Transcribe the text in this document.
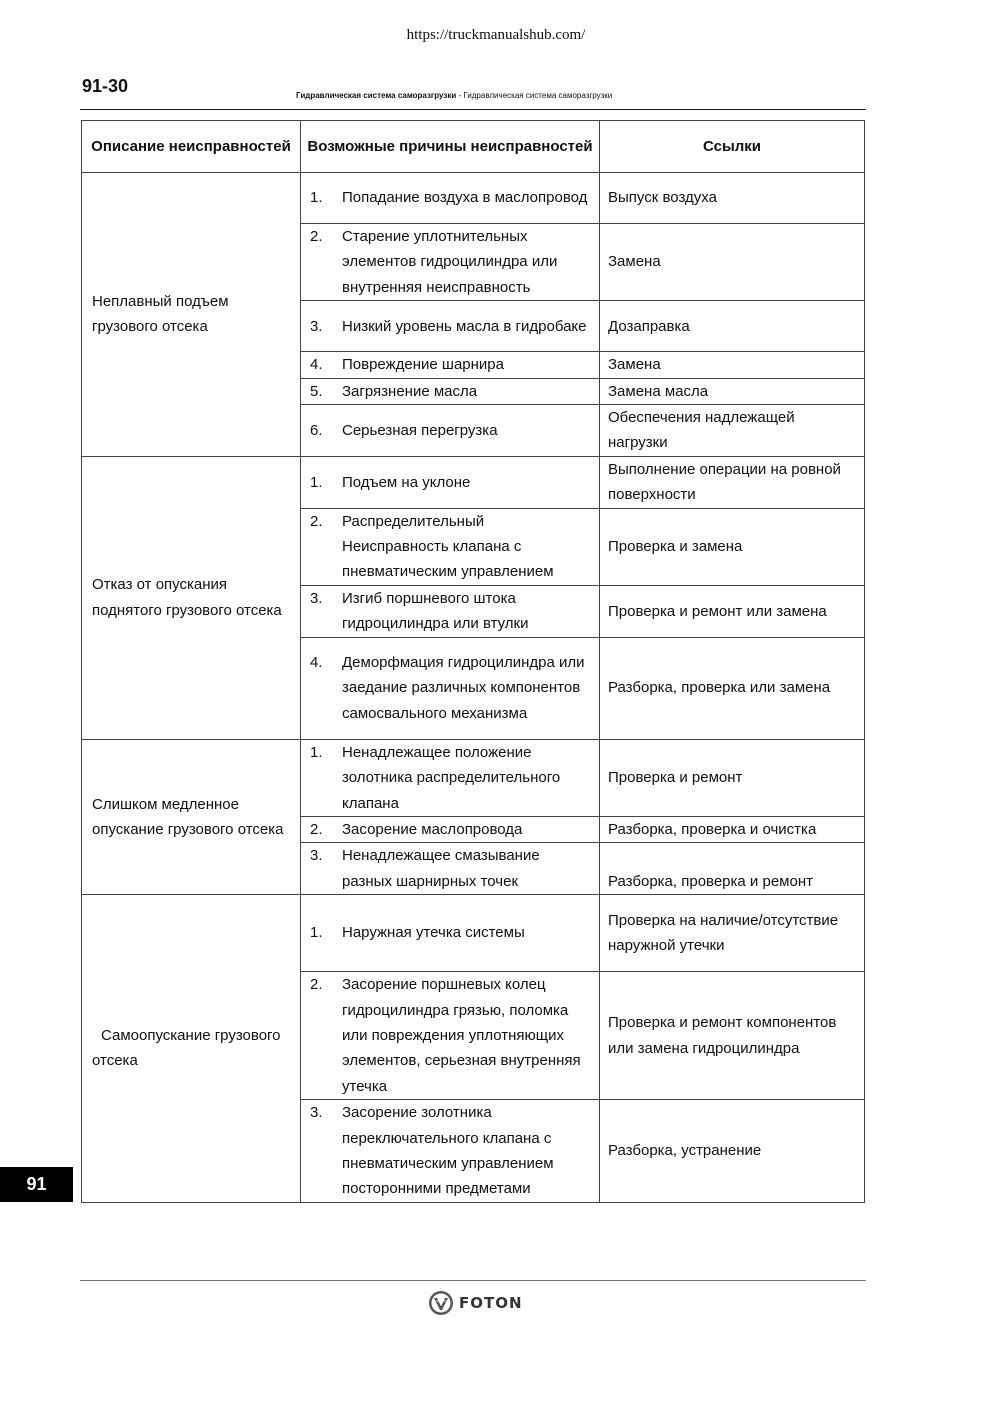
https://truckmanualshub.com/
91-30	Гидравлическая система саморазгрузки - Гидравлическая система саморазгрузки
Описание неисправностей	Возможные причины неисправностей	Ссылки
Неплавный подъем грузового отсека	1. Попадание воздуха в маслопровод	Выпуск воздуха

	2. Старение уплотнительных элементов гидроцилиндра или внутренняя неисправность	Замена

	3. Низкий уровень масла в гидробаке	Дозаправка

	4. Повреждение шарнира	Замена

	5. Загрязнение масла	Замена масла

	6. Серьезная перегрузка	Обеспечения надлежащей нагрузки
Отказ от опускания поднятого грузового отсека	1. Подъем на уклоне	Выполнение операции на ровной поверхности

	2. Распределительный Неисправность клапана с пневматическим управлением	Проверка и замена

	3. Изгиб поршневого штока гидроцилиндра или втулки	Проверка и ремонт или замена

	4. Деморфмация гидроцилиндра или заедание различных компонентов самосвального механизма	Разборка, проверка или замена
Слишком медленное опускание грузового отсека	1. Ненадлежащее положение золотника распределительного клапана	Проверка и ремонт

	2. Засорение маслопровода	Разборка, проверка и очистка

	3. Ненадлежащее смазывание разных шарнирных точек	Разборка, проверка и ремонт
Самоопускание грузового отсека	1. Наружная утечка системы	Проверка на наличие/отсутствие наружной утечки

	2. Засорение поршневых колец гидроцилиндра грязью, поломка или повреждения уплотняющих элементов, серьезная внутренняя утечка	Проверка и ремонт компонентов или замена гидроцилиндра

	3. Засорение золотника переключательного клапана с пневматическим управлением посторонними предметами	Разборка, устранение
91
FOTON
